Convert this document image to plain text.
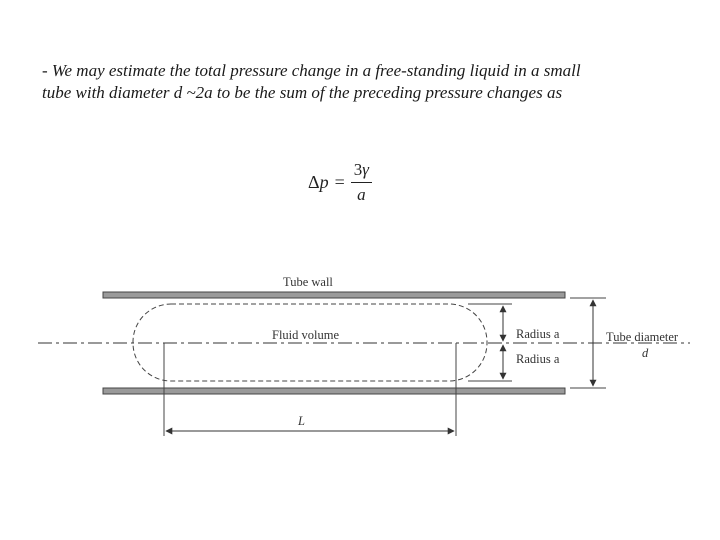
- We may estimate the total pressure change in a free-standing liquid in a small tube with diameter d ~2a to be the sum of the preceding pressure changes as

$\Delta p = \frac{3\gamma}{a}$
Tube wall
Fluid volume	Radius a
Radius a
Tube diameter
d
L
